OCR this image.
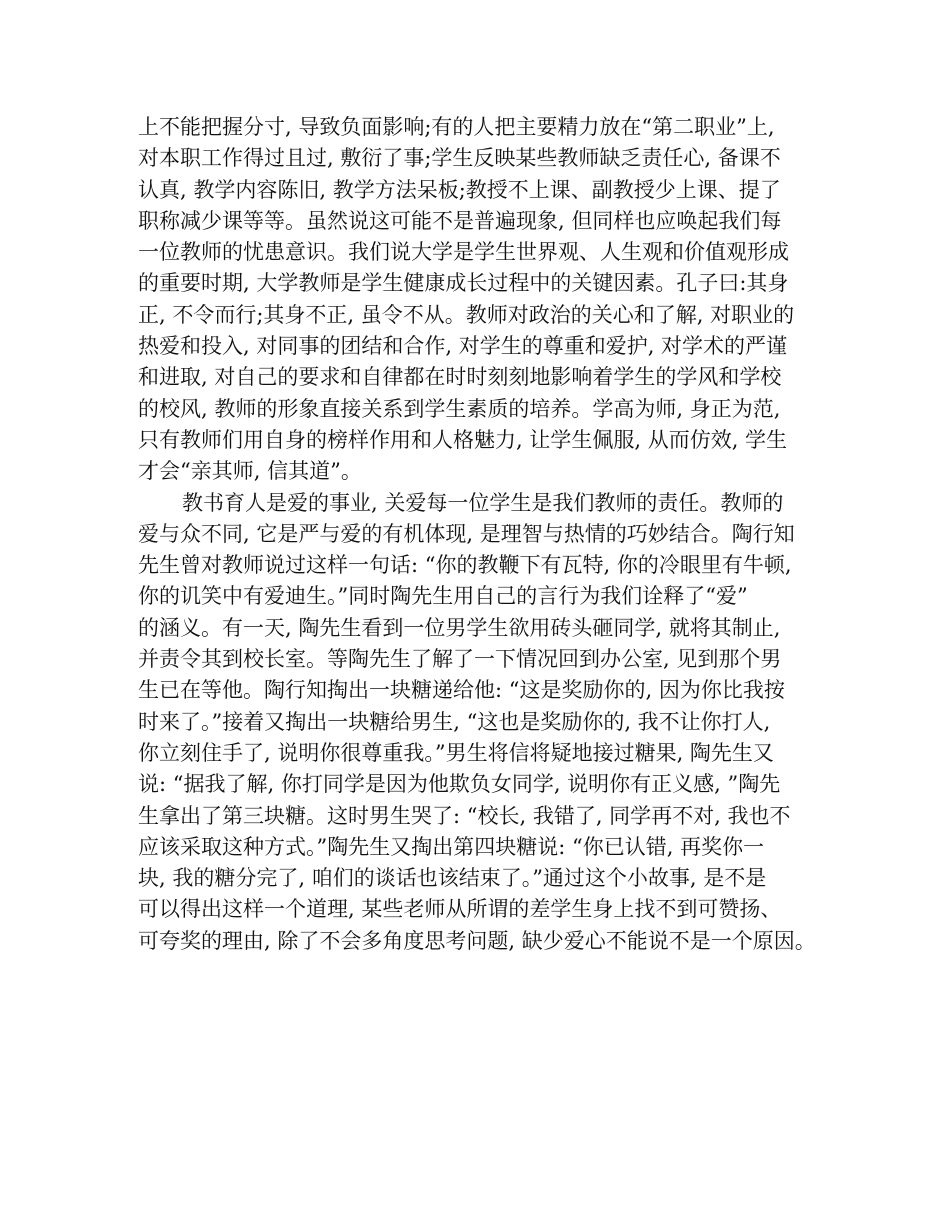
上不能把握分寸, 导致负面影响;有的人把主要精力放在“第二职业”上,
对本职工作得过且过, 敷衍了事;学生反映某些教师缺乏责任心, 备课不
认真, 教学内容陈旧, 教学方法呆板;教授不上课、副教授少上课、提了
职称减少课等等。虽然说这可能不是普遍现象, 但同样也应唤起我们每
一位教师的忧患意识。我们说大学是学生世界观、人生观和价值观形成
的重要时期, 大学教师是学生健康成长过程中的关键因素。孔子曰:其身
正, 不令而行;其身不正, 虽令不从。教师对政治的关心和了解, 对职业的
热爱和投入, 对同事的团结和合作, 对学生的尊重和爱护, 对学术的严谨
和进取, 对自己的要求和自律都在时时刻刻地影响着学生的学风和学校
的校风, 教师的形象直接关系到学生素质的培养。学高为师, 身正为范,
只有教师们用自身的榜样作用和人格魅力, 让学生佩服, 从而仿效, 学生
才会“亲其师, 信其道”。
教书育人是爱的事业, 关爱每一位学生是我们教师的责任。教师的
爱与众不同, 它是严与爱的有机体现, 是理智与热情的巧妙结合。陶行知
先生曾对教师说过这样一句话: “你的教鞭下有瓦特, 你的冷眼里有牛顿,
你的讥笑中有爱迪生。”同时陶先生用自己的言行为我们诠释了“爱”
的涵义。有一天, 陶先生看到一位男学生欲用砖头砸同学, 就将其制止,
并责令其到校长室。等陶先生了解了一下情况回到办公室, 见到那个男
生已在等他。陶行知掏出一块糖递给他: “这是奖励你的, 因为你比我按
时来了。”接着又掏出一块糖给男生, “这也是奖励你的, 我不让你打人,
你立刻住手了, 说明你很尊重我。”男生将信将疑地接过糖果, 陶先生又
说: “据我了解, 你打同学是因为他欺负女同学, 说明你有正义感, ”陶先
生拿出了第三块糖。这时男生哭了: “校长, 我错了, 同学再不对, 我也不
应该采取这种方式。”陶先生又掏出第四块糖说: “你已认错, 再奖你一
块, 我的糖分完了, 咱们的谈话也该结束了。”通过这个小故事, 是不是
可以得出这样一个道理, 某些老师从所谓的差学生身上找不到可赞扬、
可夸奖的理由, 除了不会多角度思考问题, 缺少爱心不能说不是一个原因。
